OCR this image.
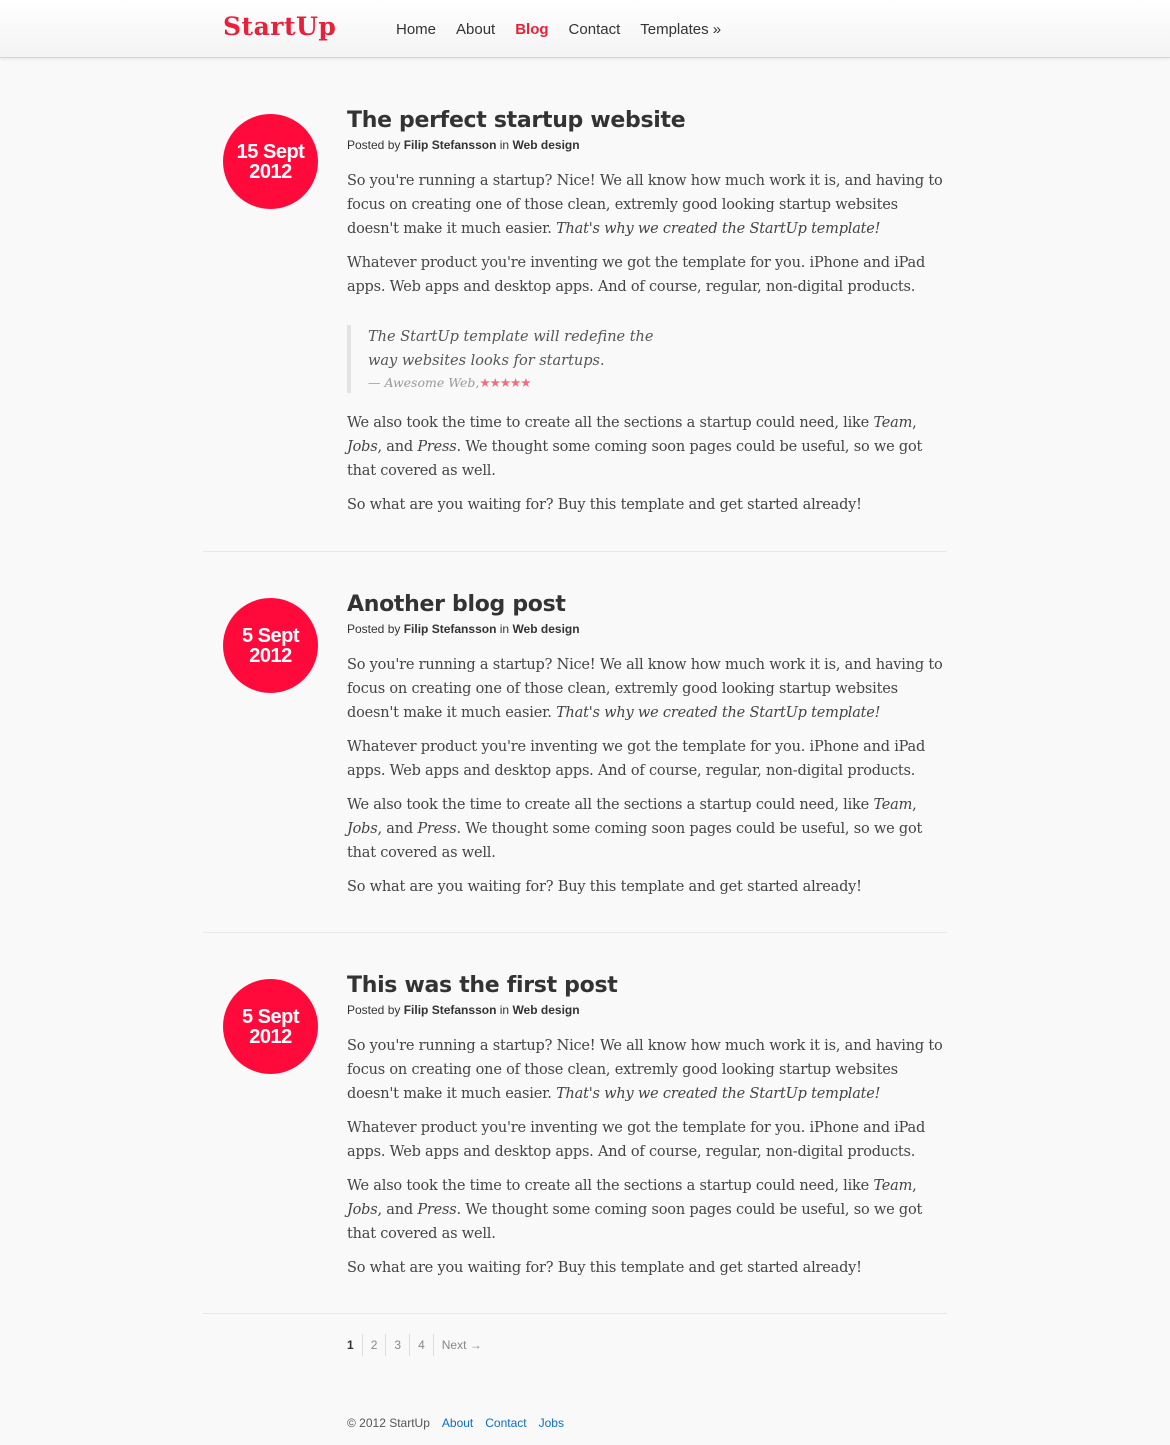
StartUp	Home About Blog Contact Templates »
15 Sept
2012
The perfect startup website
Posted by Filip Stefansson in Web design

So you're running a startup? Nice! We all know how much work it is, and having to focus on creating one of those clean, extremly good looking startup websites doesn't make it much easier. That's why we created the StartUp template!

Whatever product you're inventing we got the template for you. iPhone and iPad apps. Web apps and desktop apps. And of course, regular, non-digital products.

The StartUp template will redefine the way websites looks for startups.
— Awesome Web,★★★★★

We also took the time to create all the sections a startup could need, like Team, Jobs, and Press. We thought some coming soon pages could be useful, so we got that covered as well.

So what are you waiting for? Buy this template and get started already!

5 Sept
2012
Another blog post
Posted by Filip Stefansson in Web design

So you're running a startup? Nice! We all know how much work it is, and having to focus on creating one of those clean, extremly good looking startup websites doesn't make it much easier. That's why we created the StartUp template!

Whatever product you're inventing we got the template for you. iPhone and iPad apps. Web apps and desktop apps. And of course, regular, non-digital products.

We also took the time to create all the sections a startup could need, like Team, Jobs, and Press. We thought some coming soon pages could be useful, so we got that covered as well.

So what are you waiting for? Buy this template and get started already!

5 Sept
2012
This was the first post
Posted by Filip Stefansson in Web design

So you're running a startup? Nice! We all know how much work it is, and having to focus on creating one of those clean, extremly good looking startup websites doesn't make it much easier. That's why we created the StartUp template!

Whatever product you're inventing we got the template for you. iPhone and iPad apps. Web apps and desktop apps. And of course, regular, non-digital products.

We also took the time to create all the sections a startup could need, like Team, Jobs, and Press. We thought some coming soon pages could be useful, so we got that covered as well.

So what are you waiting for? Buy this template and get started already!

1	2	3	4	Next →
© 2012 StartUp About Contact Jobs
